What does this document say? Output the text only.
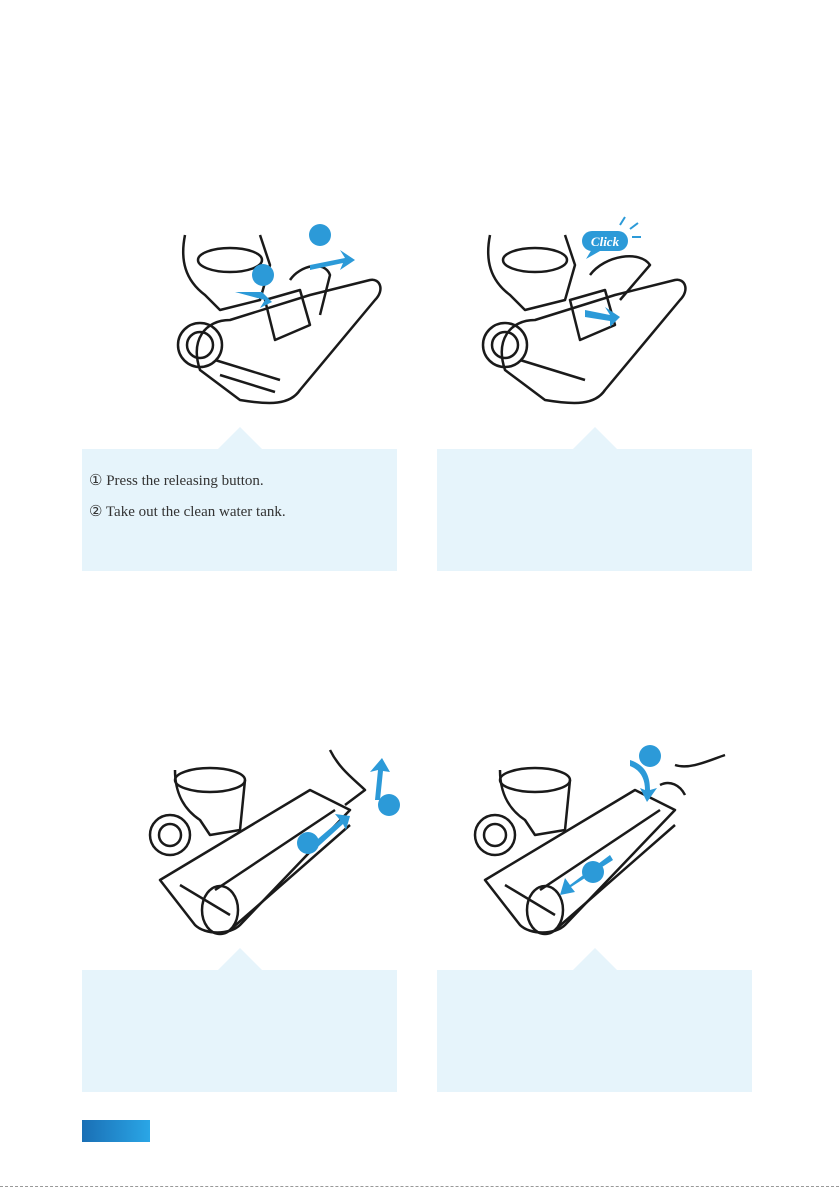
① Press the releasing button.
② Take out the clean water tank.
Click
